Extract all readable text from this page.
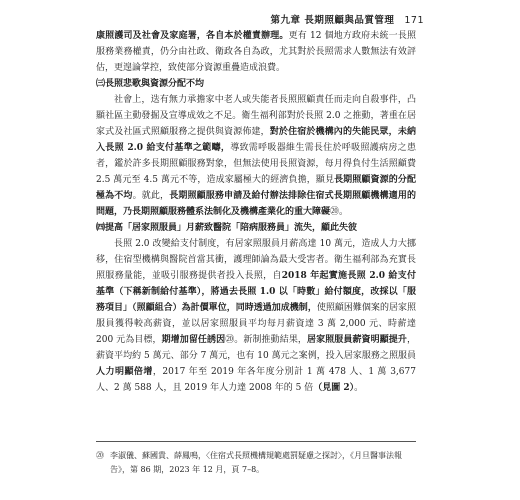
第九章 長期照顧與品質管理 171

康照護司及社會及家庭署，各自本於權責辦理。更有 12 個地方政府未統一長照服務業務權責，仍分由社政、衛政各自為政，尤其對於長照需求人數無法有效評估，更遑論掌控，致使部分資源重疊造成浪費。

㈢長照悲歌與資源分配不均

社會上，迭有無力承擔家中老人或失能者長照照顧責任而走向自殺事件，凸顯社區主動發掘及宣導成效之不足。衛生福利部對於長照 2.0 之推動，著重在居家式及社區式照顧服務之提供與資源佈建，對於住宿於機構內的失能民眾，未納入長照 2.0 給支付基準之範疇，導致需呼吸器維生需長住於呼吸照護病房之患者，鑑於許多長期照顧服務對象，但無法使用長照資源，每月得負付生活照顧費 2.5 萬元至 4.5 萬元不等，造成家屬極大的經濟負擔，顯見長期照顧資源的分配極為不均。就此，長期照顧服務申請及給付辦法排除住宿式長期照顧機構適用的問題，乃長期照顧服務體系法制化及機構產業化的重大障礙⑳。

㈣提高「居家照服員」月薪致醫院「陪病服務員」流失，顧此失彼

長照 2.0 改變給支付制度，有居家照服員月薪高達 10 萬元，造成人力大挪移，住宿型機構與醫院首當其衝，護理師論為最大受害者。衛生福利部為充實長照服務量能，並吸引服務提供者投入長照，自2018 年起實施長照 2.0 給支付基準（下稱新制給付基準），將過去長照 1.0 以「時數」給付額度，改採以「服務項目」（照顧組合）為計價單位，同時透過加成機制，使照顧困難個案的居家照服員獲得較高薪資，並以居家照服員平均每月薪資達 3 萬 2,000 元、時薪達 200 元為目標，期增加留任誘因⑳。新制推動結果，居家照服員薪資明顯提升，薪資平均約 5 萬元、部分 7 萬元，也有 10 萬元之案例，投入居家服務之照服員人力明顯倍增，2017 年至 2019 年各年度分別計 1 萬 478 人、1 萬 3,677 人、2 萬 588 人，且 2019 年人力達 2008 年的 5 倍（見圖 2）。

⑳ 李淑儀、蘇國貴、薛鳳鳴，〈住宿式長照機構規範處罰疑慮之探討〉，《月旦醫事法報告》，第 86 期，2023 年 12 月，頁 7–8。
